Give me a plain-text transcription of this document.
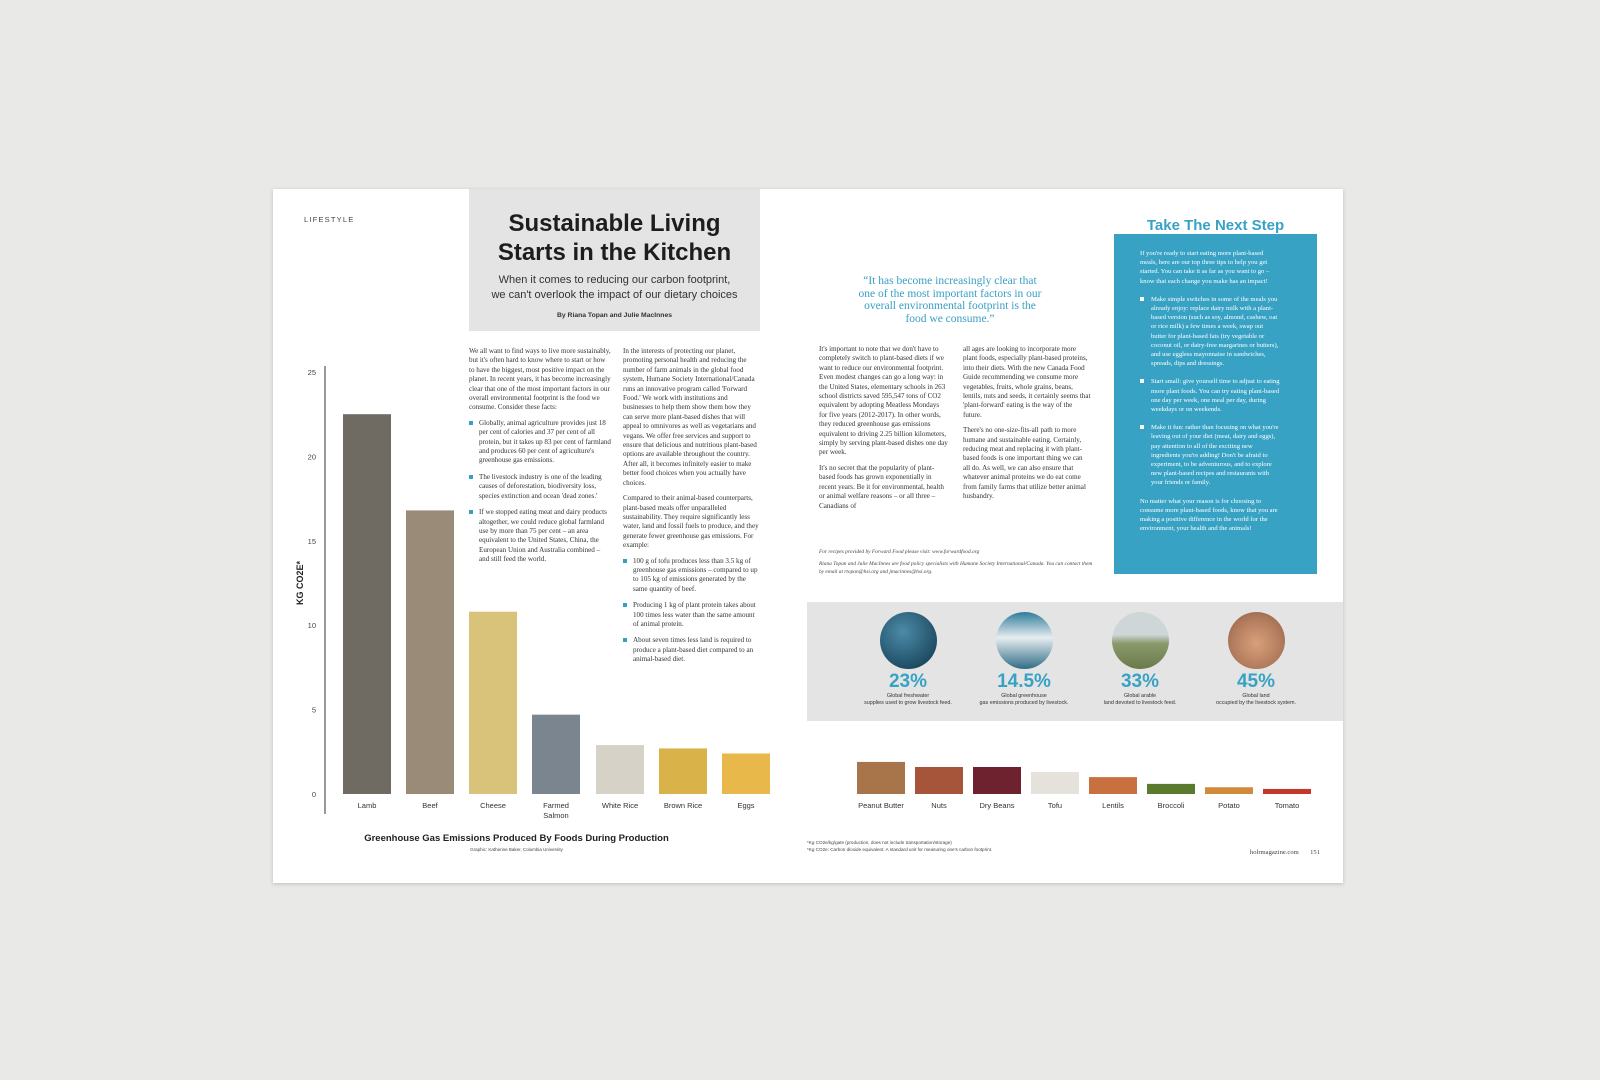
LIFESTYLE	Sustainable Living
Starts in the Kitchen
When it comes to reducing our carbon footprint,
we can't overlook the impact of our dietary choices
By Riana Topan and Julie MacInnes

We all want to find ways to live more sustainably, but it's often hard to know where to start or how to have the biggest, most positive impact on the planet. In recent years, it has become increasingly clear that one of the most important factors in our overall environmental footprint is the food we consume. Consider these facts:

Globally, animal agriculture provides just 18 per cent of calories and 37 per cent of all protein, but it takes up 83 per cent of farmland and produces 60 per cent of agriculture's greenhouse gas emissions.
The livestock industry is one of the leading causes of deforestation, biodiversity loss, species extinction and ocean 'dead zones.'
If we stopped eating meat and dairy products altogether, we could reduce global farmland use by more than 75 per cent – an area equivalent to the United States, China, the European Union and Australia combined – and still feed the world.

In the interests of protecting our planet, promoting personal health and reducing the number of farm animals in the global food system, Humane Society International/Canada runs an innovative program called 'Forward Food.' We work with institutions and businesses to help them show them how they can serve more plant-based dishes that will appeal to omnivores as well as vegetarians and vegans. We offer free services and support to ensure that delicious and nutritious plant-based options are available throughout the country. After all, it becomes infinitely easier to make better food choices when you actually have choices.

Compared to their animal-based counterparts, plant-based meals offer unparalleled sustainability. They require significantly less water, land and fossil fuels to produce, and they generate fewer greenhouse gas emissions. For example:

100 g of tofu produces less than 3.5 kg of greenhouse gas emissions – compared to up to 105 kg of emissions generated by the same quantity of beef.
Producing 1 kg of plant protein takes about 100 times less water than the same amount of animal protein.
About seven times less land is required to produce a plant-based diet compared to an animal-based diet.
Greenhouse Gas Emissions Produced By Foods During Production
Graphic: Katherine Baker, Columbia University
“It has become increasingly clear that one of the most important factors in our overall environmental footprint is the food we consume.”

It's important to note that we don't have to completely switch to plant-based diets if we want to reduce our environmental footprint. Even modest changes can go a long way: in the United States, elementary schools in 263 school districts saved 595,547 tons of CO2 equivalent by adopting Meatless Mondays for five years (2012-2017). In other words, they reduced greenhouse gas emissions equivalent to driving 2.25 billion kilometers, simply by serving plant-based dishes one day per week.

It's no secret that the popularity of plant-based foods has grown exponentially in recent years. Be it for environmental, health or animal welfare reasons – or all three – Canadians of

all ages are looking to incorporate more plant foods, especially plant-based proteins, into their diets. With the new Canada Food Guide recommending we consume more vegetables, fruits, whole grains, beans, lentils, nuts and seeds, it certainly seems that 'plant-forward' eating is the way of the future.

There's no one-size-fits-all path to more humane and sustainable eating. Certainly, reducing meat and replacing it with plant-based foods is one important thing we can all do. As well, we can also ensure that whatever animal proteins we do eat come from family farms that utilize better animal husbandry.

For recipes provided by Forward Food please visit: www.forwardfood.org
Riana Topan and Julie MacInnes are food policy specialists with Humane Society International/Canada. You can contact them by email at rtopan@hsi.org and jmacinnes@hsi.org.
Take The Next Step

If you're ready to start eating more plant-based meals, here are our top three tips to help you get started. You can take it as far as you want to go – know that each change you make has an impact!

Make simple switches in some of the meals you already enjoy: replace dairy milk with a plant-based version (such as soy, almond, cashew, oat or rice milk) a few times a week, swap out butter for plant-based fats (try vegetable or coconut oil, or dairy-free margarines or butters), and use eggless mayonnaise in sandwiches, spreads, dips and dressings.
Start small: give yourself time to adjust to eating more plant foods. You can try eating plant-based one day per week, one meal per day, during weekdays or on weekends.
Make it fun: rather than focusing on what you're leaving out of your diet (meat, dairy and eggs), pay attention to all of the exciting new ingredients you're adding! Don't be afraid to experiment, to be adventurous, and to explore new plant-based recipes and restaurants with your friends or family.

No matter what your reason is for choosing to consume more plant-based foods, know that you are making a positive difference in the world for the environment, your health and the animals!

23%
Global freshwater
supplies used to grow livestock feed.
14.5%
Global greenhouse
gas emissions produced by livestock.
33%
Global arable
land devoted to livestock feed.
45%
Global land
occupied by the livestock system.
*Kg CO2e/kg/gate (production, does not include transportation/storage)
*Kg CO2e: Carbon dioxide equivalent. A standard unit for measuring one's carbon footprint.	holrmagazine.com 151
0
5
10
15
20
25
KG CO2E*
Lamb	Beef	Cheese	Farmed
Salmon
White Rice	Brown Rice	Eggs	Peanut Butter	Nuts	Dry Beans	Tofu	Lentils	Broccoli	Potato	Tomato
